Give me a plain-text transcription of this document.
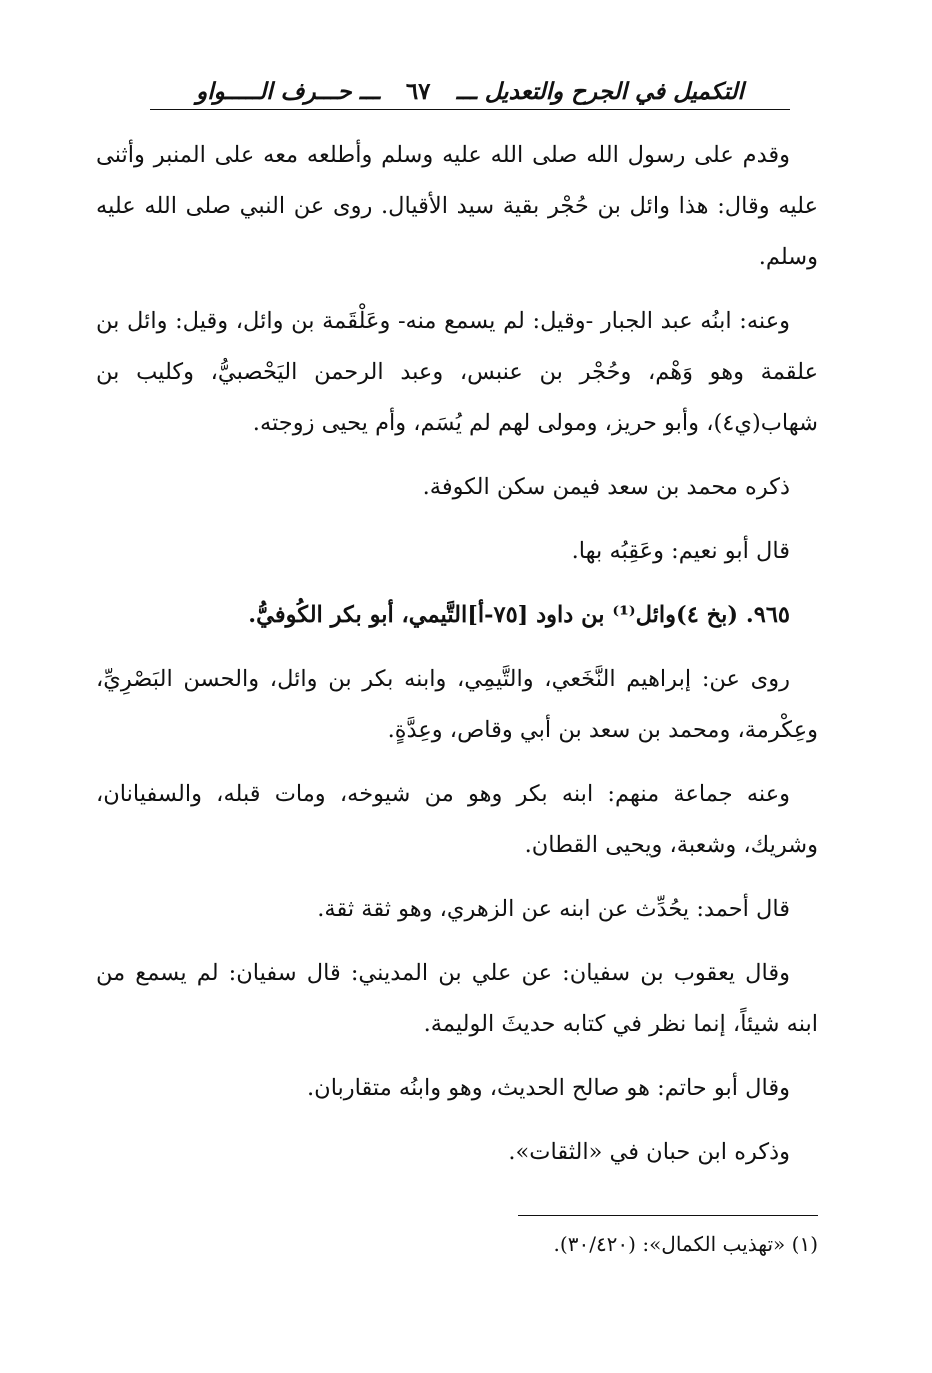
التكميل في الجرح والتعديل ـــ
٦٧
ـــ حـــرف الـــــواو

وقدم على رسول الله صلى الله عليه وسلم وأطلعه معه على المنبر وأثنى عليه وقال: هذا وائل بن حُجْر بقية سيد الأقيال. روى عن النبي صلى الله عليه وسلم.

وعنه: ابنُه عبد الجبار -وقيل: لم يسمع منه- وعَلْقَمة بن وائل، وقيل: وائل بن علقمة وهو وَهْم، وحُجْر بن عنبس، وعبد الرحمن اليَحْصبيُّ، وكليب بن شهاب(ي٤)، وأبو حريز، ومولى لهم لم يُسَم، وأم يحيى زوجته.

ذكره محمد بن سعد فيمن سكن الكوفة.

قال أبو نعيم: وعَقِبُه بها.

٩٦٥. (بخ ٤)وائل⁽¹⁾ بن داود [٧٥-أ]التَّيمي، أبو بكر الكُوفيُّ.

روى عن: إبراهيم النَّخَعي، والتَّيمِي، وابنه بكر بن وائل، والحسن البَصْرِيِّ، وعِكْرمة، ومحمد بن سعد بن أبي وقاص، وعِدَّةٍ.

وعنه جماعة منهم: ابنه بكر وهو من شيوخه، ومات قبله، والسفيانان، وشريك، وشعبة، ويحيى القطان.

قال أحمد: يحُدِّث عن ابنه عن الزهري، وهو ثقة ثقة.

وقال يعقوب بن سفيان: عن علي بن المديني: قال سفيان: لم يسمع من ابنه شيئاً، إنما نظر في كتابه حديثَ الوليمة.

وقال أبو حاتم: هو صالح الحديث، وهو وابنُه متقاربان.

وذكره ابن حبان في «الثقات».

(١) «تهذيب الكمال»: (٣٠/٤٢٠).
